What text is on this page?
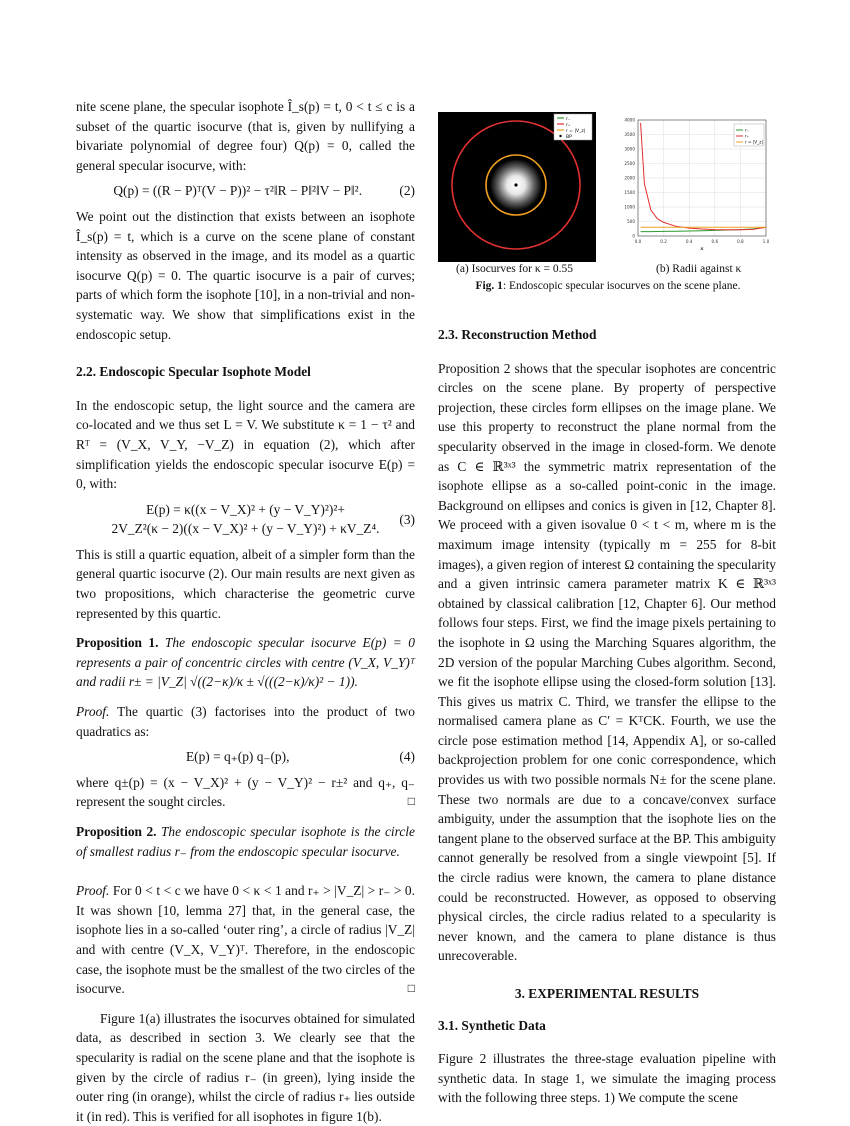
nite scene plane, the specular isophote Î_s(p) = t, 0 < t ≤ c is a subset of the quartic isocurve (that is, given by nullifying a bivariate polynomial of degree four) Q(p) = 0, called the general specular isocurve, with:

Q(p) = ((R − P)ᵀ(V − P))² − τ²‖R − P‖²‖V − P‖².	(2)

We point out the distinction that exists between an isophote Î_s(p) = t, which is a curve on the scene plane of constant intensity as observed in the image, and its model as a quartic isocurve Q(p) = 0. The quartic isocurve is a pair of curves; parts of which form the isophote [10], in a non-trivial and non-systematic way. We show that simplifications exist in the endoscopic setup.

2.2. Endoscopic Specular Isophote Model

In the endoscopic setup, the light source and the camera are co-located and we thus set L = V. We substitute κ = 1 − τ² and Rᵀ = (V_X, V_Y, −V_Z) in equation (2), which after simplification yields the endoscopic specular isocurve E(p) = 0, with:

E(p) = κ((x − V_X)² + (y − V_Y)²)²+
2V_Z²(κ − 2)((x − V_X)² + (y − V_Y)²) + κV_Z⁴.
(3)

This is still a quartic equation, albeit of a simpler form than the general quartic isocurve (2). Our main results are next given as two propositions, which characterise the geometric curve represented by this quartic.

Proposition 1. The endoscopic specular isocurve E(p) = 0 represents a pair of concentric circles with centre (V_X, V_Y)ᵀ and radii r± = |V_Z| √((2−κ)/κ ± √(((2−κ)/κ)² − 1)).

Proof. The quartic (3) factorises into the product of two quadratics as:

E(p) = q₊(p) q₋(p),	(4)

where q±(p) = (x − V_X)² + (y − V_Y)² − r±² and q₊, q₋ represent the sought circles.	□

Proposition 2. The endoscopic specular isophote is the circle of smallest radius r₋ from the endoscopic specular isocurve.

Proof. For 0 < t < c we have 0 < κ < 1 and r₊ > |V_Z| > r₋ > 0. It was shown [10, lemma 27] that, in the general case, the isophote lies in a so-called ‘outer ring’, a circle of radius |V_Z| and with centre (V_X, V_Y)ᵀ. Therefore, in the endoscopic case, the isophote must be the smallest of the two circles of the isocurve.	□

Figure 1(a) illustrates the isocurves obtained for simulated data, as described in section 3. We clearly see that the specularity is radial on the scene plane and that the isophote is given by the circle of radius r₋ (in green), lying inside the outer ring (in orange), whilst the circle of radius r₊ lies outside it (in red). This is verified for all isophotes in figure 1(b).

r₋
r₊
r = |V_z|
BP
0
500
1000
1500
2000
2500
3000
3500
4000
0.0	0.2	0.4	0.6	0.8	1.0
κ
r₋
r₊
r = |V_z|
(a) Isocurves for κ = 0.55	(b) Radii against κ
Fig. 1: Endoscopic specular isocurves on the scene plane.
2.3. Reconstruction Method

Proposition 2 shows that the specular isophotes are concentric circles on the scene plane. By property of perspective projection, these circles form ellipses on the image plane. We use this property to reconstruct the plane normal from the specularity observed in the image in closed-form. We denote as C ∈ ℝ³ˣ³ the symmetric matrix representation of the isophote ellipse as a so-called point-conic in the image. Background on ellipses and conics is given in [12, Chapter 8]. We proceed with a given isovalue 0 < t < m, where m is the maximum image intensity (typically m = 255 for 8-bit images), a given region of interest Ω containing the specularity and a given intrinsic camera parameter matrix K ∈ ℝ³ˣ³ obtained by classical calibration [12, Chapter 6]. Our method follows four steps. First, we find the image pixels pertaining to the isophote in Ω using the Marching Squares algorithm, the 2D version of the popular Marching Cubes algorithm. Second, we fit the isophote ellipse using the closed-form solution [13]. This gives us matrix C. Third, we transfer the ellipse to the normalised camera plane as C′ = KᵀCK. Fourth, we use the circle pose estimation method [14, Appendix A], or so-called backprojection problem for one conic correspondence, which provides us with two possible normals N± for the scene plane. These two normals are due to a concave/convex surface ambiguity, under the assumption that the isophote lies on the tangent plane to the observed surface at the BP. This ambiguity cannot generally be resolved from a single viewpoint [5]. If the circle radius were known, the camera to plane distance could be reconstructed. However, as opposed to observing physical circles, the circle radius related to a specularity is never known, and the camera to plane distance is thus unrecoverable.

3. EXPERIMENTAL RESULTS
3.1. Synthetic Data

Figure 2 illustrates the three-stage evaluation pipeline with synthetic data. In stage 1, we simulate the imaging process with the following three steps. 1) We compute the scene
